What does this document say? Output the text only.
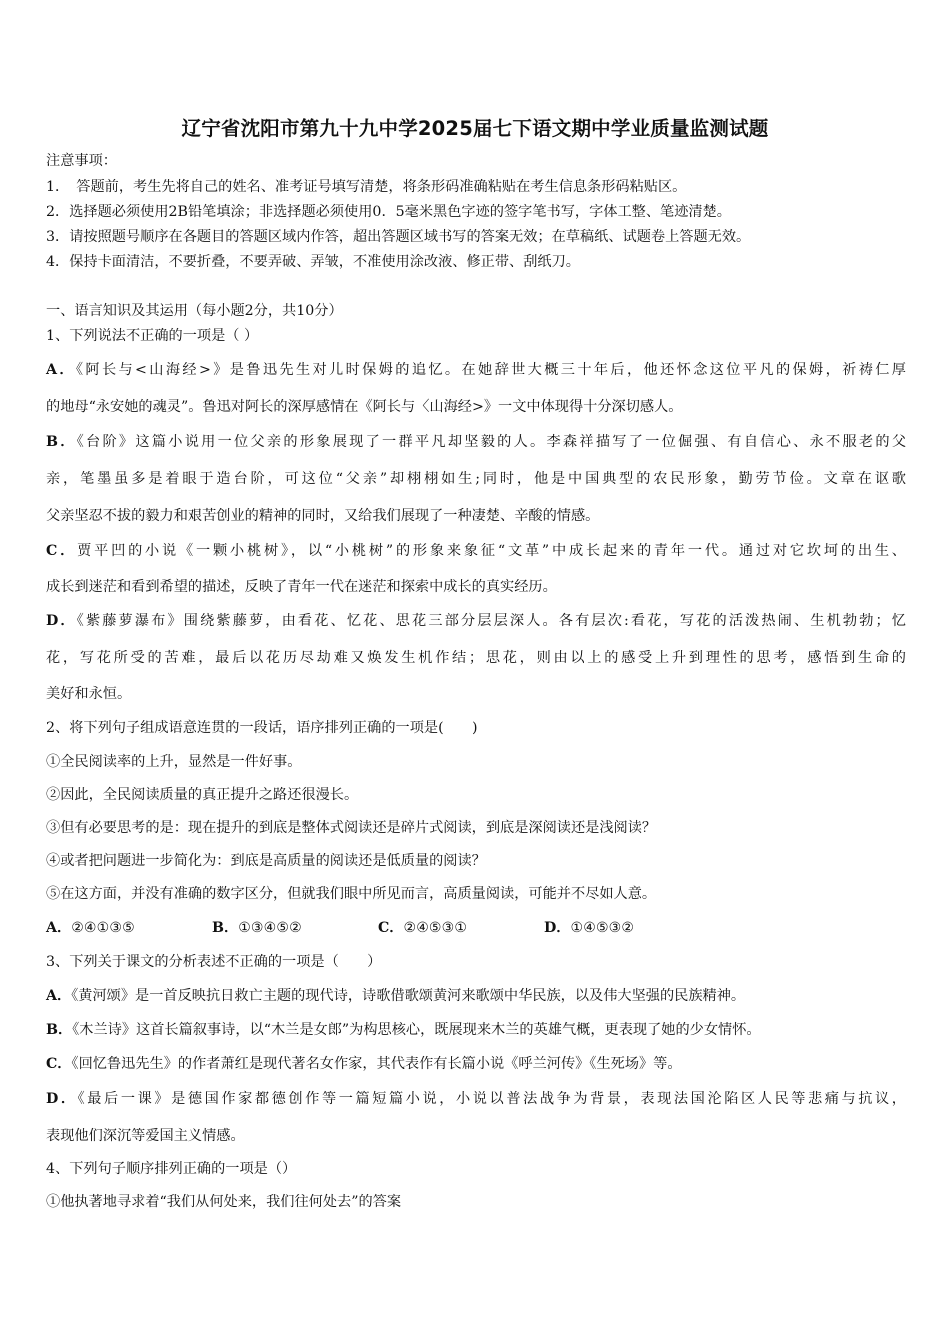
辽宁省沈阳市第九十九中学2025届七下语文期中学业质量监测试题
注意事项：
1．　答题前，考生先将自己的姓名、准考证号填写清楚，将条形码准确粘贴在考生信息条形码粘贴区。
2．选择题必须使用2B铅笔填涂；非选择题必须使用0．5毫米黑色字迹的签字笔书写，字体工整、笔迹清楚。
3．请按照题号顺序在各题目的答题区域内作答，超出答题区域书写的答案无效；在草稿纸、试题卷上答题无效。
4．保持卡面清洁，不要折叠，不要弄破、弄皱，不准使用涂改液、修正带、刮纸刀。
一、语言知识及其运用（每小题2分，共10分）
1、下列说法不正确的一项是（ ）
A．《阿长与<山海经>》是鲁迅先生对儿时保姆的追忆。在她辞世大概三十年后，他还怀念这位平凡的保姆，祈祷仁厚
的地母“永安她的魂灵”。鲁迅对阿长的深厚感情在《阿长与〈山海经>》一文中体现得十分深切感人。
B．《台阶》这篇小说用一位父亲的形象展现了一群平凡却坚毅的人。李森祥描写了一位倔强、有自信心、永不服老的父
亲，笔墨虽多是着眼于造台阶，可这位“父亲”却栩栩如生;同时，他是中国典型的农民形象，勤劳节俭。文章在讴歌
父亲坚忍不拔的毅力和艰苦创业的精神的同时，又给我们展现了一种凄楚、辛酸的情感。
C．贾平凹的小说《一颗小桃树》，以“小桃树”的形象来象征“文革”中成长起来的青年一代。通过对它坎坷的出生、
成长到迷茫和看到希望的描述，反映了青年一代在迷茫和探索中成长的真实经历。
D．《紫藤萝瀑布》围绕紫藤萝，由看花、忆花、思花三部分层层深人。各有层次:看花，写花的活泼热闹、生机勃勃；忆
花，写花所受的苦难，最后以花历尽劫难又焕发生机作结；思花，则由以上的感受上升到理性的思考，感悟到生命的
美好和永恒。
2、将下列句子组成语意连贯的一段话，语序排列正确的一项是(　　)
①全民阅读率的上升，显然是一件好事。
②因此，全民阅读质量的真正提升之路还很漫长。
③但有必要思考的是：现在提升的到底是整体式阅读还是碎片式阅读，到底是深阅读还是浅阅读？
④或者把问题进一步简化为：到底是高质量的阅读还是低质量的阅读？
⑤在这方面，并没有准确的数字区分，但就我们眼中所见而言，高质量阅读，可能并不尽如人意。
A．②④①③⑤	B．①③④⑤②	C．②④⑤③①	D．①④⑤③②
3、下列关于课文的分析表述不正确的一项是（　　）
A．《黄河颂》是一首反映抗日救亡主题的现代诗，诗歌借歌颂黄河来歌颂中华民族，以及伟大坚强的民族精神。
B．《木兰诗》这首长篇叙事诗，以“木兰是女郎”为构思核心，既展现来木兰的英雄气概，更表现了她的少女情怀。
C．《回忆鲁迅先生》的作者萧红是现代著名女作家，其代表作有长篇小说《呼兰河传》《生死场》等。
D．《最后一课》是德国作家都德创作等一篇短篇小说，小说以普法战争为背景，表现法国沦陷区人民等悲痛与抗议，
表现他们深沉等爱国主义情感。
4、下列句子顺序排列正确的一项是（）
①他执著地寻求着“我们从何处来，我们往何处去”的答案
